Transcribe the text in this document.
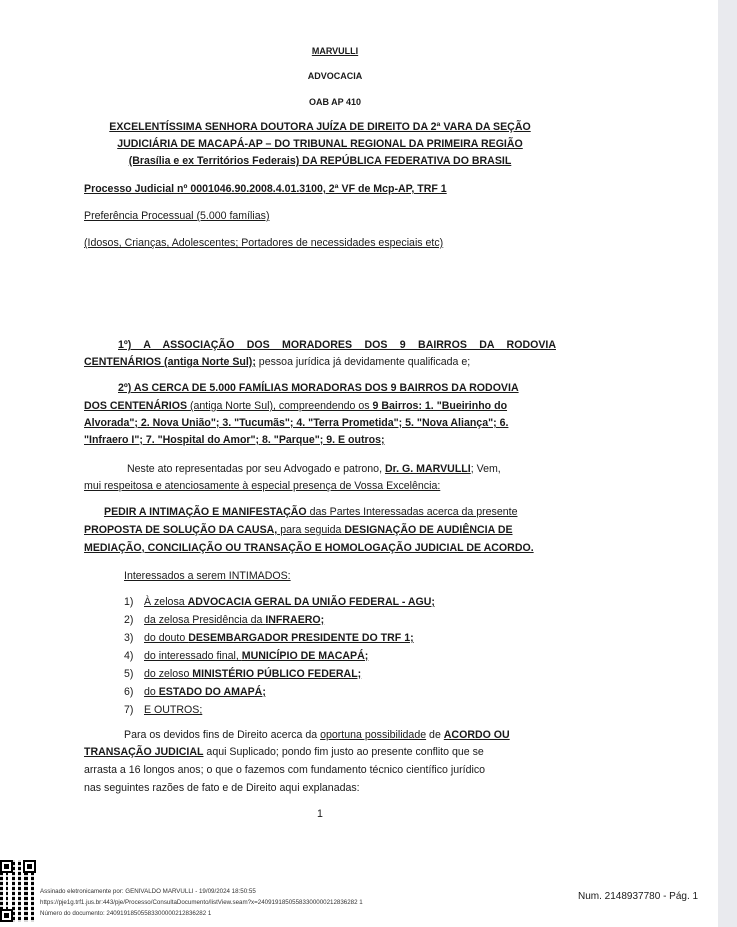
MARVULLI
ADVOCACIA
OAB AP 410
EXCELENTÍSSIMA SENHORA DOUTORA JUÍZA DE DIREITO DA 2ª VARA DA SEÇÃO
JUDICIÁRIA DE MACAPÁ-AP – DO TRIBUNAL REGIONAL DA PRIMEIRA REGIÃO
(Brasília e ex Territórios Federais) DA REPÚBLICA FEDERATIVA DO BRASIL
Processo Judicial nº 0001046.90.2008.4.01.3100, 2ª VF de Mcp-AP, TRF 1
Preferência Processual (5.000 famílias)
(Idosos, Crianças, Adolescentes; Portadores de necessidades especiais etc)
1º) A ASSOCIAÇÃO DOS MORADORES DOS 9 BAIRROS DA RODOVIA
CENTENÁRIOS (antiga Norte Sul); pessoa jurídica já devidamente qualificada e;
2º) AS CERCA DE 5.000 FAMÍLIAS MORADORAS DOS 9 BAIRROS DA RODOVIA
DOS CENTENÁRIOS (antiga Norte Sul), compreendendo os 9 Bairros: 1. "Bueirinho do
Alvorada"; 2. Nova União"; 3. "Tucumãs"; 4. "Terra Prometida"; 5. "Nova Aliança"; 6.
"Infraero I"; 7. "Hospital do Amor"; 8. "Parque"; 9. E outros;
Neste ato representadas por seu Advogado e patrono, Dr. G. MARVULLI; Vem,
mui respeitosa e atenciosamente à especial presença de Vossa Excelência:
PEDIR A INTIMAÇÃO E MANIFESTAÇÃO das Partes Interessadas acerca da presente
PROPOSTA DE SOLUÇÃO DA CAUSA, para seguida DESIGNAÇÃO DE AUDIÊNCIA DE
MEDIAÇÃO, CONCILIAÇÃO OU TRANSAÇÃO E HOMOLOGAÇÃO JUDICIAL DE ACORDO.
Interessados a serem INTIMADOS:
1) À zelosa ADVOCACIA GERAL DA UNIÃO FEDERAL - AGU;
2) da zelosa Presidência da INFRAERO;
3) do douto DESEMBARGADOR PRESIDENTE DO TRF 1;
4) do interessado final, MUNICÍPIO DE MACAPÁ;
5) do zeloso MINISTÉRIO PÚBLICO FEDERAL;
6) do ESTADO DO AMAPÁ;
7) E OUTROS;
Para os devidos fins de Direito acerca da oportuna possibilidade de ACORDO OU
TRANSAÇÃO JUDICIAL aqui Suplicado; pondo fim justo ao presente conflito que se
arrasta a 16 longos anos; o que o fazemos com fundamento técnico científico jurídico
nas seguintes razões de fato e de Direito aqui explanadas:
1
Assinado eletronicamente por: GENIVALDO MARVULLI - 19/09/2024 18:50:55
https://pje1g.trf1.jus.br:443/pje/Processo/ConsultaDocumento/listView.seam?x=24091918505583300000212836282 1
Número do documento: 24091918505583300000212836282 1
Num. 2148937780 - Pág. 1
